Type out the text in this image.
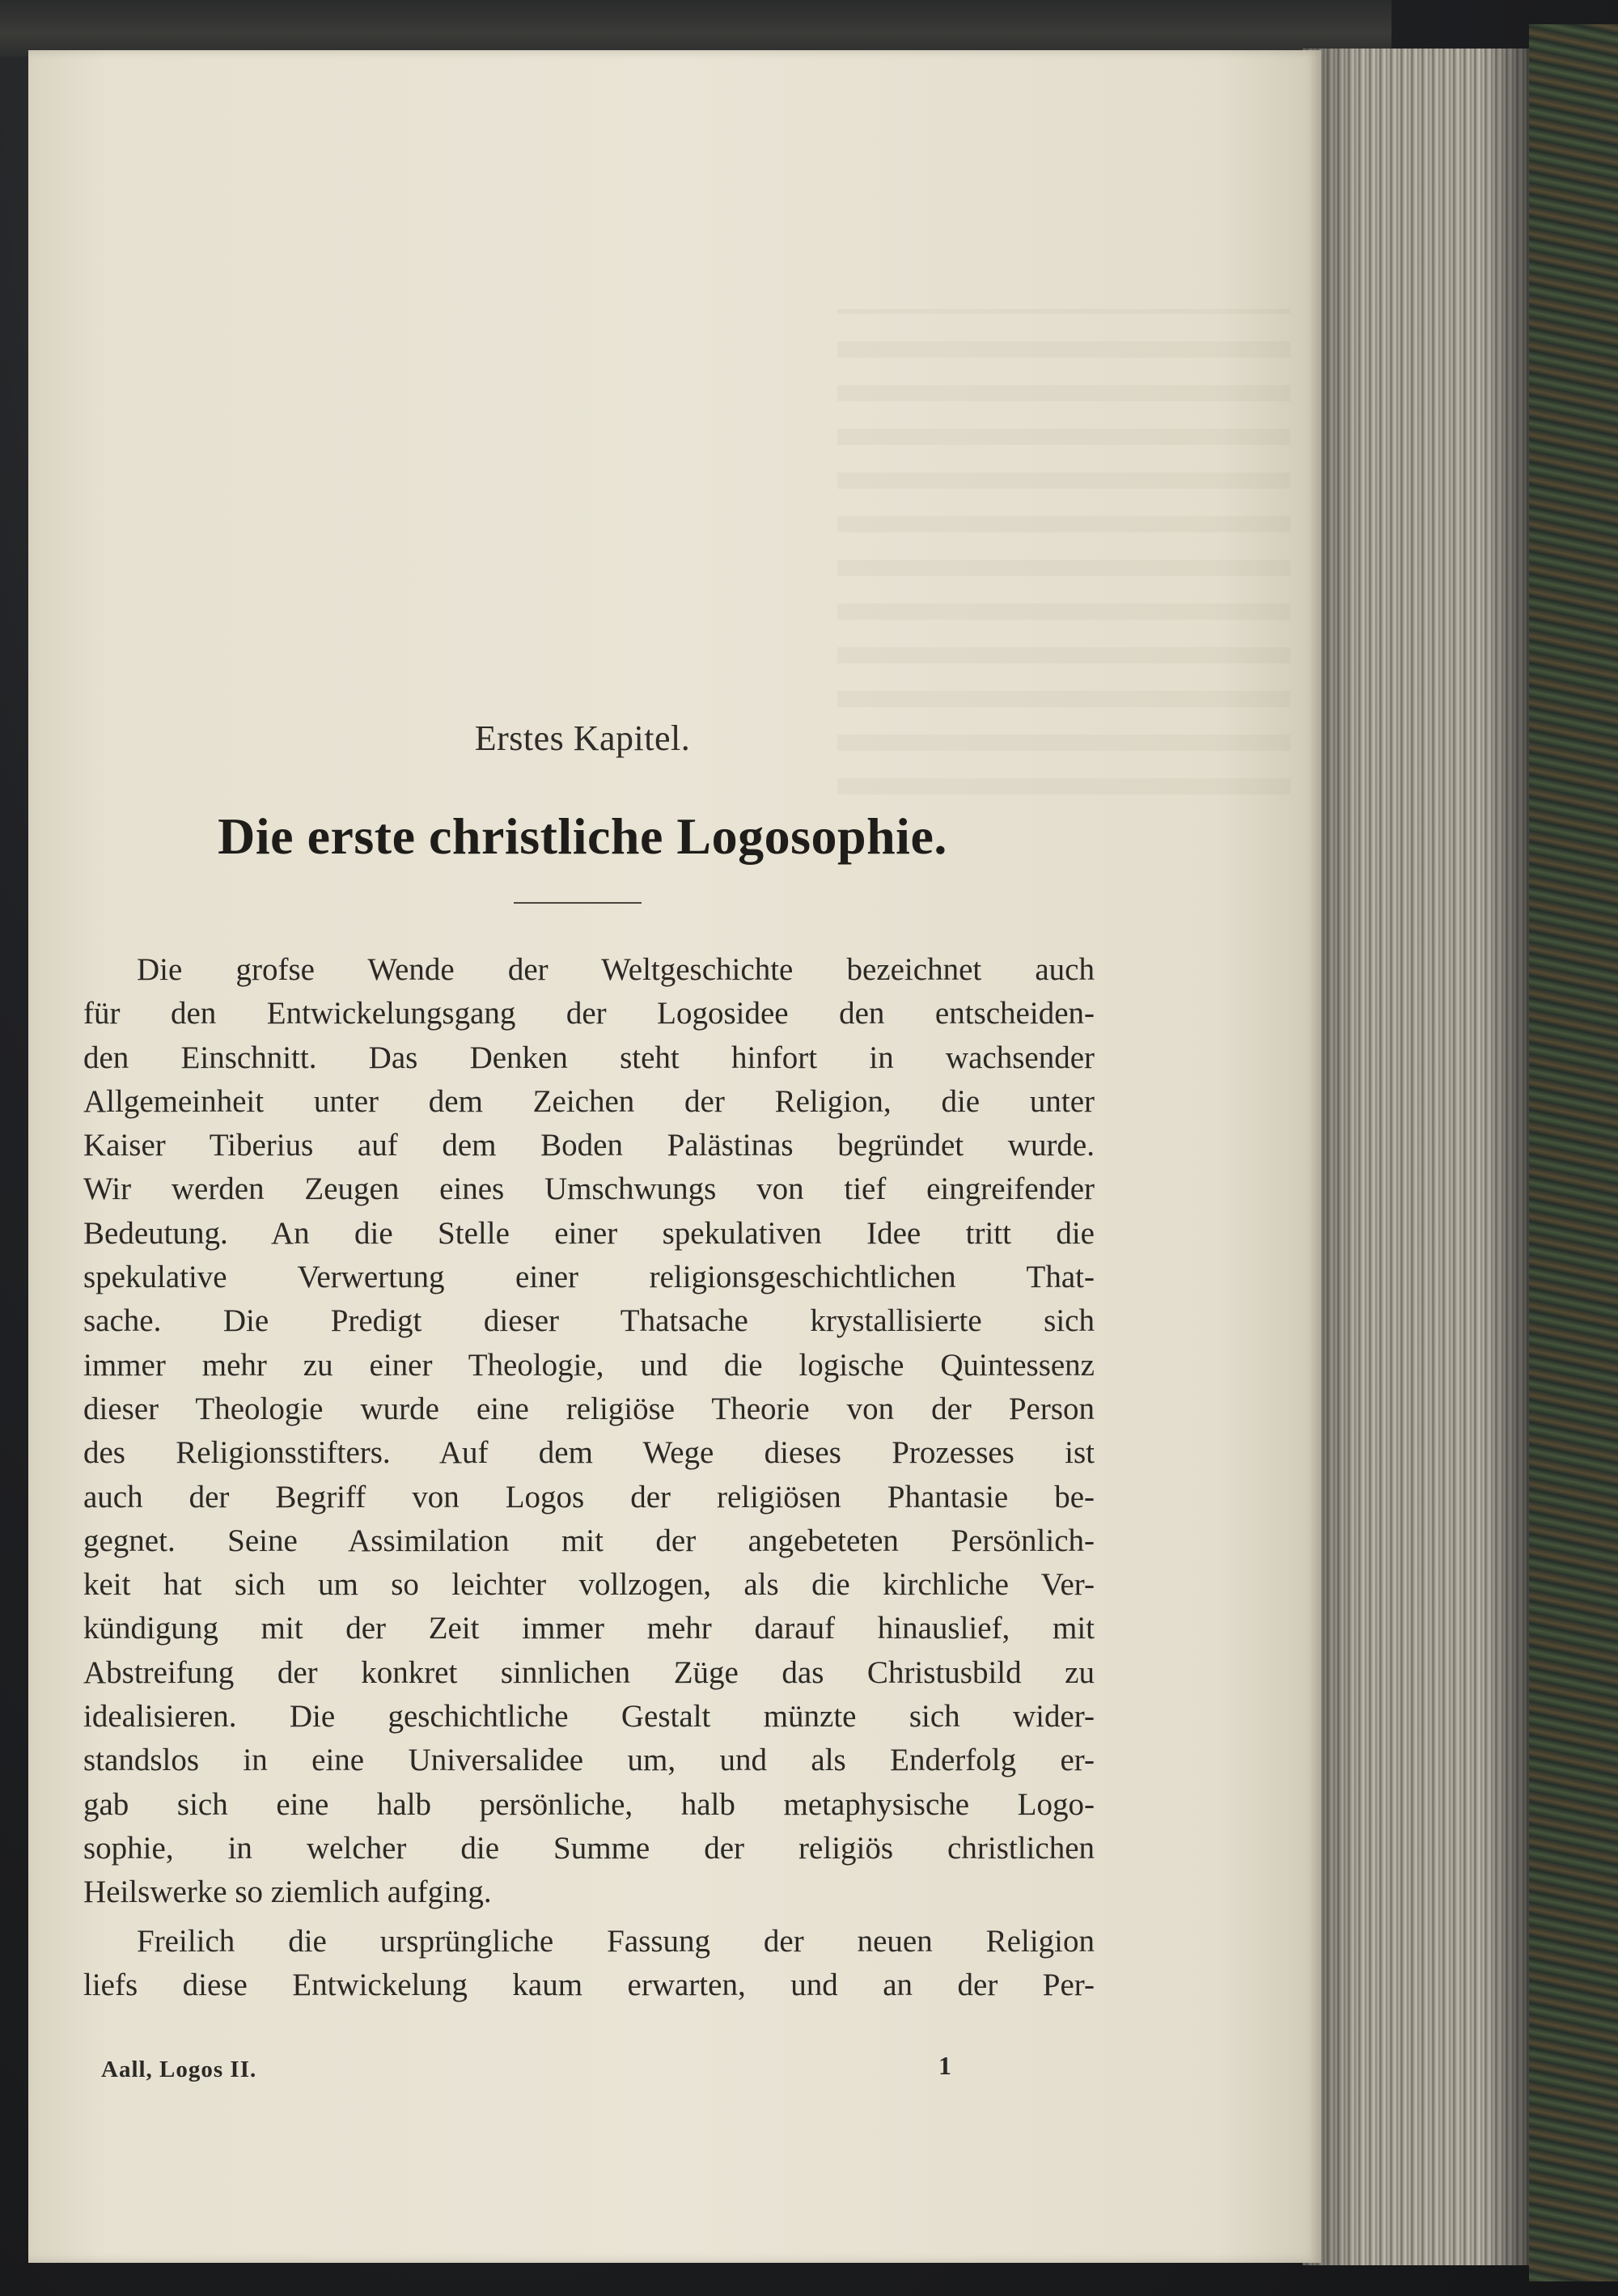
Erstes Kapitel.
Die erste christliche Logosophie.
Die grofse Wende der Weltgeschichte bezeichnet auch
für den Entwickelungsgang der Logosidee den entscheiden-
den Einschnitt. Das Denken steht hinfort in wachsender
Allgemeinheit unter dem Zeichen der Religion, die unter
Kaiser Tiberius auf dem Boden Palästinas begründet wurde.
Wir werden Zeugen eines Umschwungs von tief eingreifender
Bedeutung. An die Stelle einer spekulativen Idee tritt die
spekulative Verwertung einer religionsgeschichtlichen That-
sache. Die Predigt dieser Thatsache krystallisierte sich
immer mehr zu einer Theologie, und die logische Quintessenz
dieser Theologie wurde eine religiöse Theorie von der Person
des Religionsstifters. Auf dem Wege dieses Prozesses ist
auch der Begriff von Logos der religiösen Phantasie be-
gegnet. Seine Assimilation mit der angebeteten Persönlich-
keit hat sich um so leichter vollzogen, als die kirchliche Ver-
kündigung mit der Zeit immer mehr darauf hinauslief, mit
Abstreifung der konkret sinnlichen Züge das Christusbild zu
idealisieren. Die geschichtliche Gestalt münzte sich wider-
standslos in eine Universalidee um, und als Enderfolg er-
gab sich eine halb persönliche, halb metaphysische Logo-
sophie, in welcher die Summe der religiös christlichen
Heilswerke so ziemlich aufging.
Freilich die ursprüngliche Fassung der neuen Religion
liefs diese Entwickelung kaum erwarten, und an der Per-
Aall, Logos II.	1
